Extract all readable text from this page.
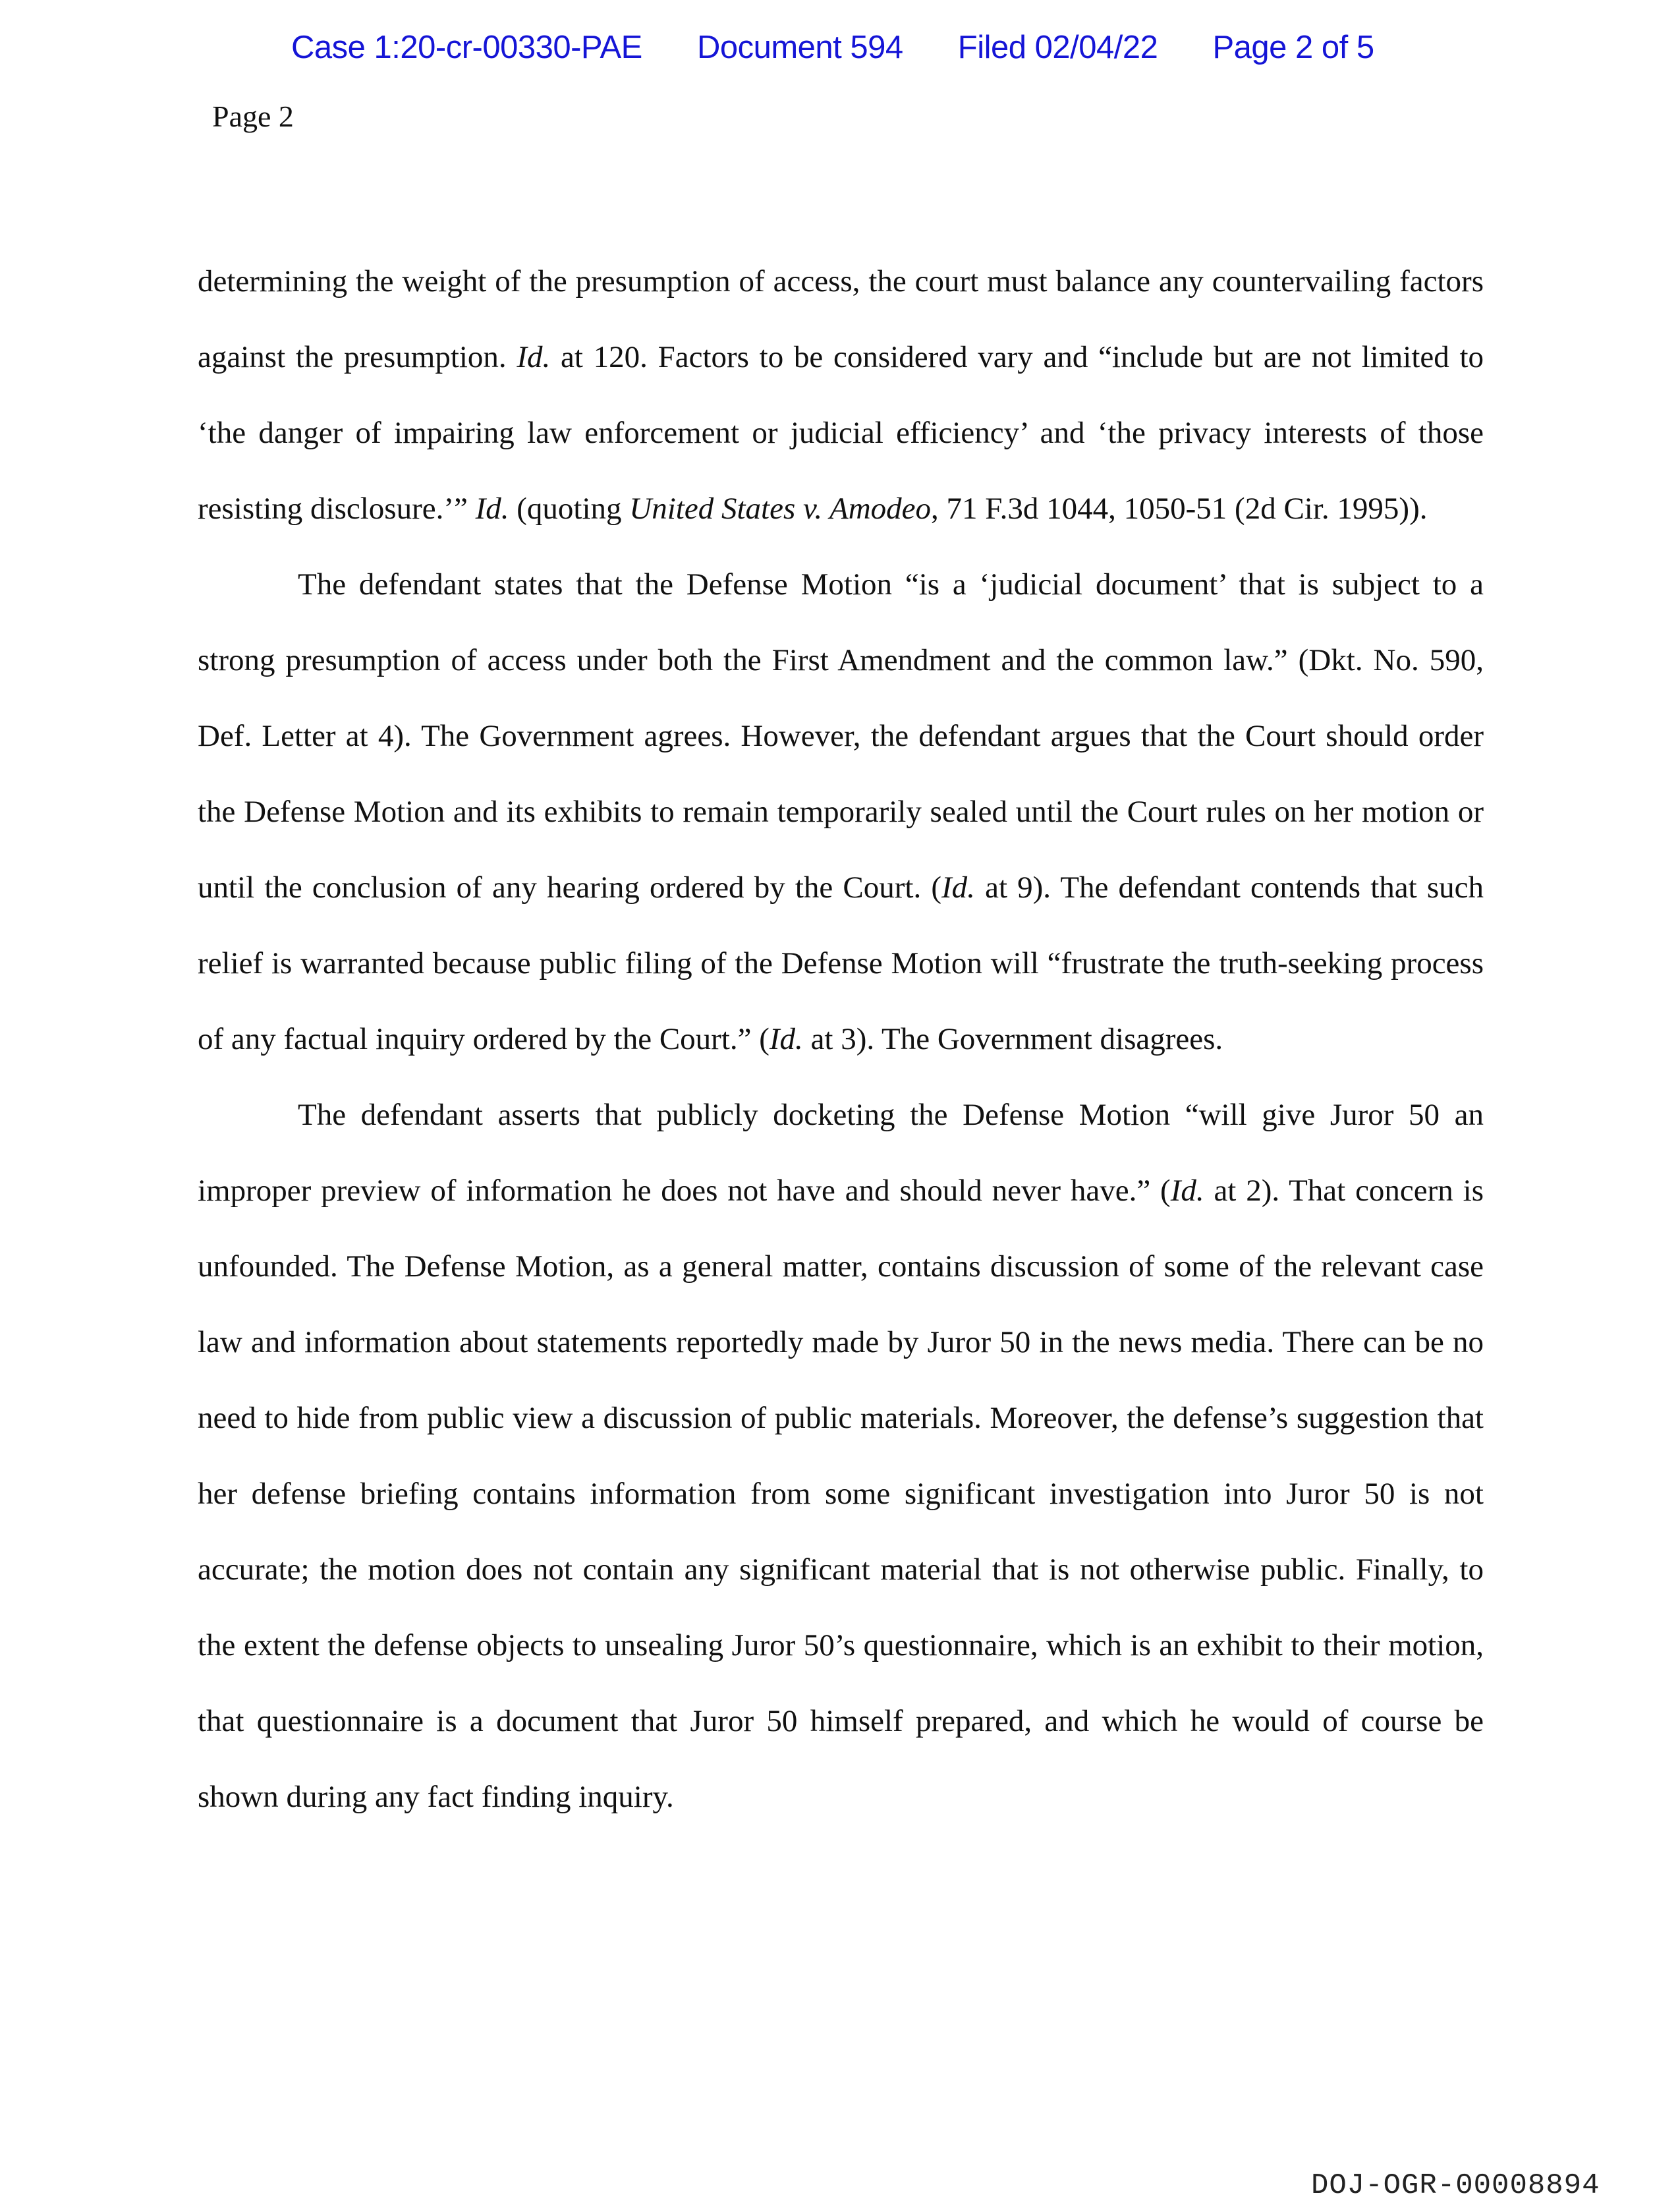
Case 1:20-cr-00330-PAE Document 594 Filed 02/04/22 Page 2 of 5
Page 2

determining the weight of the presumption of access, the court must balance any countervailing factors against the presumption. Id. at 120. Factors to be considered vary and “include but are not limited to ‘the danger of impairing law enforcement or judicial efficiency’ and ‘the privacy interests of those resisting disclosure.’” Id. (quoting United States v. Amodeo, 71 F.3d 1044, 1050-51 (2d Cir. 1995)).

The defendant states that the Defense Motion “is a ‘judicial document’ that is subject to a strong presumption of access under both the First Amendment and the common law.” (Dkt. No. 590, Def. Letter at 4). The Government agrees. However, the defendant argues that the Court should order the Defense Motion and its exhibits to remain temporarily sealed until the Court rules on her motion or until the conclusion of any hearing ordered by the Court. (Id. at 9). The defendant contends that such relief is warranted because public filing of the Defense Motion will “frustrate the truth-seeking process of any factual inquiry ordered by the Court.” (Id. at 3). The Government disagrees.

The defendant asserts that publicly docketing the Defense Motion “will give Juror 50 an improper preview of information he does not have and should never have.” (Id. at 2). That concern is unfounded. The Defense Motion, as a general matter, contains discussion of some of the relevant case law and information about statements reportedly made by Juror 50 in the news media. There can be no need to hide from public view a discussion of public materials. Moreover, the defense’s suggestion that her defense briefing contains information from some significant investigation into Juror 50 is not accurate; the motion does not contain any significant material that is not otherwise public. Finally, to the extent the defense objects to unsealing Juror 50’s questionnaire, which is an exhibit to their motion, that questionnaire is a document that Juror 50 himself prepared, and which he would of course be shown during any fact finding inquiry.

DOJ-OGR-00008894
